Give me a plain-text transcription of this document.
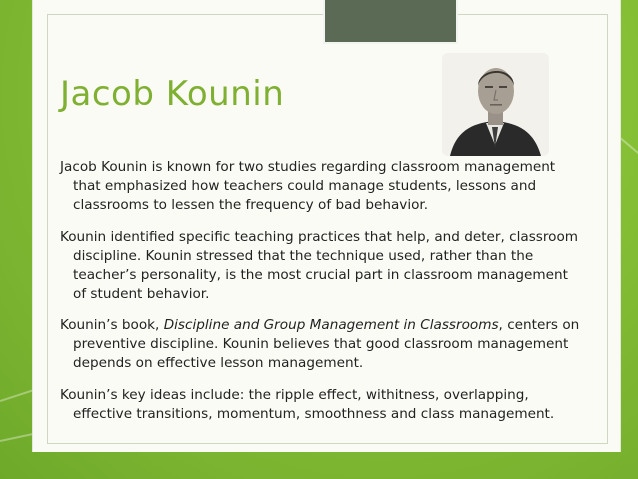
Jacob Kounin

Jacob Kounin is known for two studies regarding classroom management that emphasized how teachers could manage students, lessons and classrooms to lessen the frequency of bad behavior.

Kounin identified specific teaching practices that help, and deter, classroom discipline. Kounin stressed that the technique used, rather than the teacher’s personality, is the most crucial part in classroom management of student behavior.

Kounin’s book, Discipline and Group Management in Classrooms, centers on preventive discipline. Kounin believes that good classroom management depends on effective lesson management.

Kounin’s key ideas include: the ripple effect, withitness, overlapping, effective transitions, momentum, smoothness and class management.
